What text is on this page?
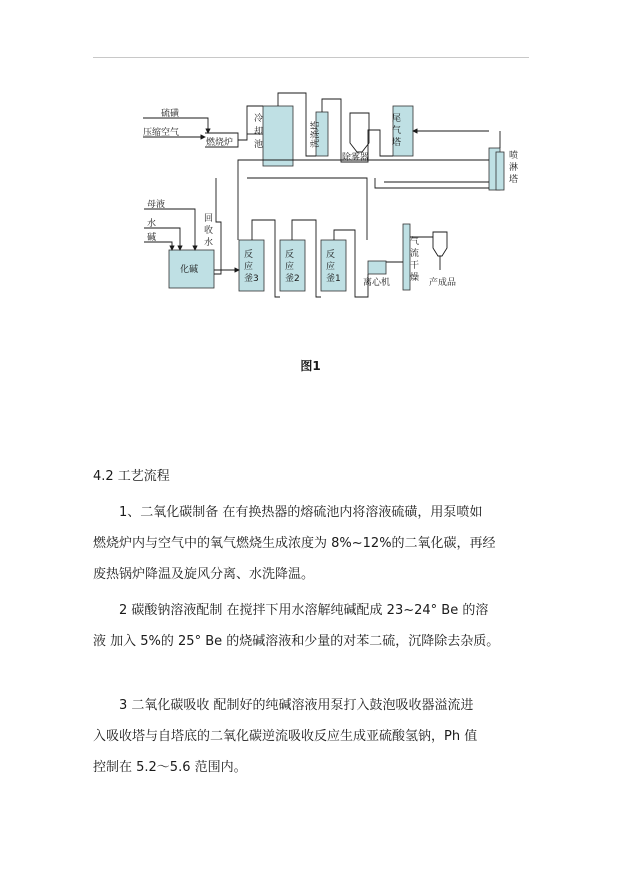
硫磺
压缩空气
燃烧炉
冷
却
池	洗涤塔
除雾器
尾
气
塔
喷
淋
塔
母液
水
碱
回
收
水
化碱
反
应
釜3
反
应
釜2
反
应
釜1 离心机
气
流
干
燥 产成品
图1
4.2 工艺流程

1、二氧化碳制备 在有换热器的熔硫池内将溶液硫磺，用泵喷如

燃烧炉内与空气中的氧气燃烧生成浓度为 8%~12%的二氧化碳，再经

废热锅炉降温及旋风分离、水洗降温。

2 碳酸钠溶液配制 在搅拌下用水溶解纯碱配成 23~24° Be 的溶

液 加入 5%的 25° Be 的烧碱溶液和少量的对苯二硫，沉降除去杂质。

3 二氧化碳吸收 配制好的纯碱溶液用泵打入鼓泡吸收器溢流进

入吸收塔与自塔底的二氧化碳逆流吸收反应生成亚硫酸氢钠，Ph 值

控制在 5.2～5.6 范围内。
